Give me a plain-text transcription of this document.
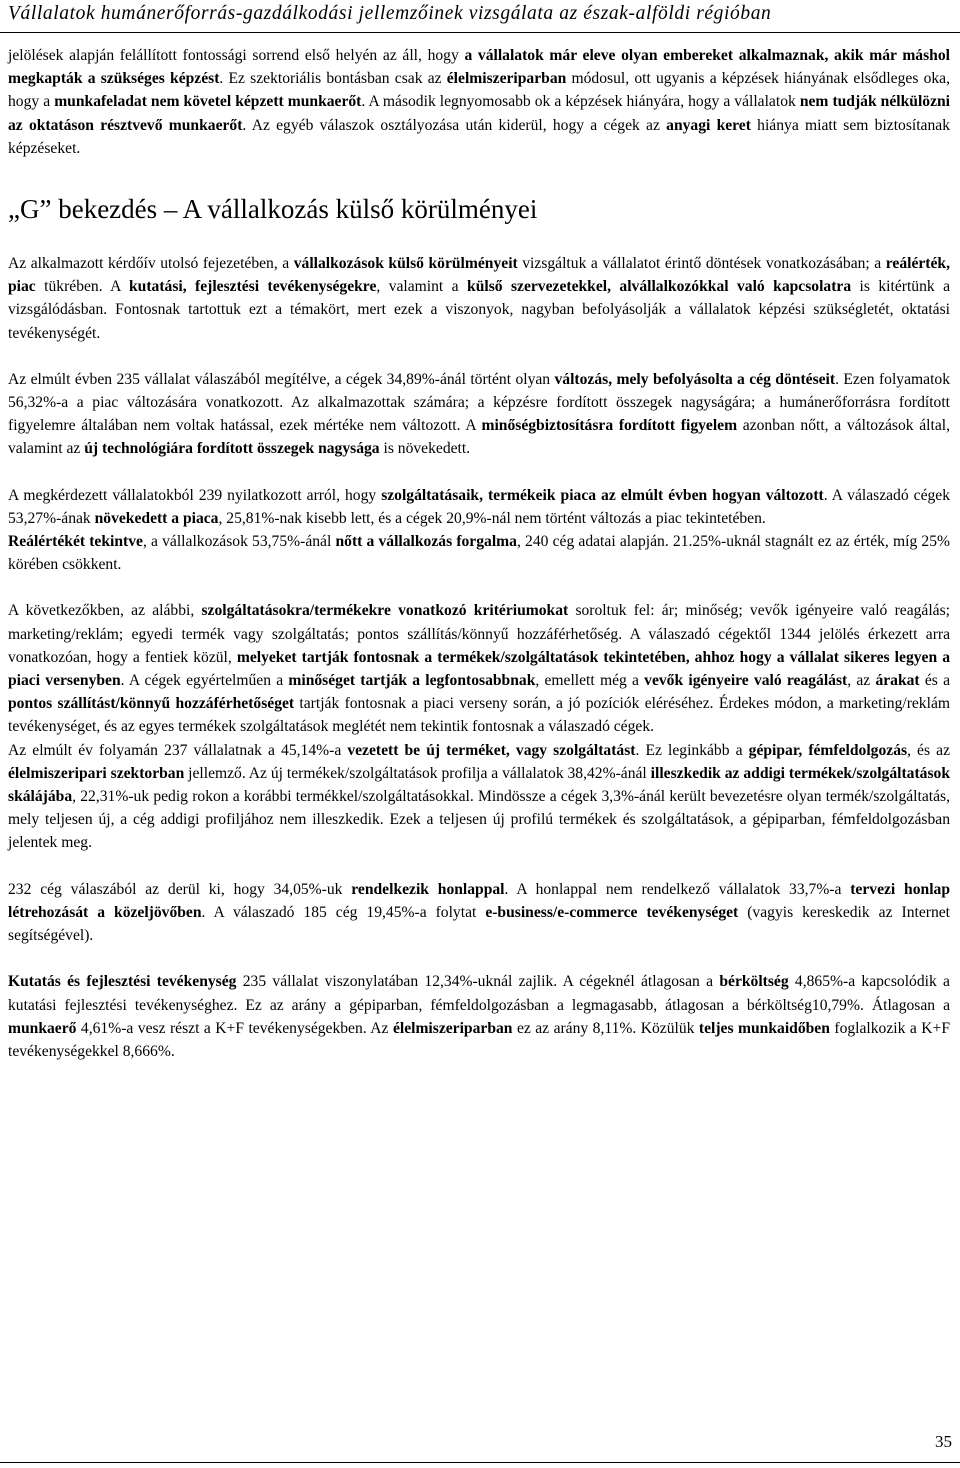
Vállalatok humánerőforrás-gazdálkodási jellemzőinek vizsgálata az észak-alföldi régióban

jelölések alapján felállított fontossági sorrend első helyén az áll, hogy a vállalatok már eleve olyan embereket alkalmaznak, akik már máshol megkapták a szükséges képzést. Ez szektoriális bontásban csak az élelmiszeriparban módosul, ott ugyanis a képzések hiányának elsődleges oka, hogy a munkafeladat nem követel képzett munkaerőt. A második legnyomosabb ok a képzések hiányára, hogy a vállalatok nem tudják nélkülözni az oktatáson résztvevő munkaerőt. Az egyéb válaszok osztályozása után kiderül, hogy a cégek az anyagi keret hiánya miatt sem biztosítanak képzéseket.

„G” bekezdés – A vállalkozás külső körülményei

Az alkalmazott kérdőív utolsó fejezetében, a vállalkozások külső körülményeit vizsgáltuk a vállalatot érintő döntések vonatkozásában; a reálérték, piac tükrében. A kutatási, fejlesztési tevékenységekre, valamint a külső szervezetekkel, alvállalkozókkal való kapcsolatra is kitértünk a vizsgálódásban. Fontosnak tartottuk ezt a témakört, mert ezek a viszonyok, nagyban befolyásolják a vállalatok képzési szükségletét, oktatási tevékenységét.

Az elmúlt évben 235 vállalat válaszából megítélve, a cégek 34,89%-ánál történt olyan változás, mely befolyásolta a cég döntéseit. Ezen folyamatok 56,32%-a a piac változására vonatkozott. Az alkalmazottak számára; a képzésre fordított összegek nagyságára; a humánerőforrásra fordított figyelemre általában nem voltak hatással, ezek mértéke nem változott. A minőségbiztosításra fordított figyelem azonban nőtt, a változások által, valamint az új technológiára fordított összegek nagysága is növekedett.

A megkérdezett vállalatokból 239 nyilatkozott arról, hogy szolgáltatásaik, termékeik piaca az elmúlt évben hogyan változott. A válaszadó cégek 53,27%-ának növekedett a piaca, 25,81%-nak kisebb lett, és a cégek 20,9%-nál nem történt változás a piac tekintetében.

Reálértékét tekintve, a vállalkozások 53,75%-ánál nőtt a vállalkozás forgalma, 240 cég adatai alapján. 21.25%-uknál stagnált ez az érték, míg 25% körében csökkent.

A következőkben, az alábbi, szolgáltatásokra/termékekre vonatkozó kritériumokat soroltuk fel: ár; minőség; vevők igényeire való reagálás; marketing/reklám; egyedi termék vagy szolgáltatás; pontos szállítás/könnyű hozzáférhetőség. A válaszadó cégektől 1344 jelölés érkezett arra vonatkozóan, hogy a fentiek közül, melyeket tartják fontosnak a termékek/szolgáltatások tekintetében, ahhoz hogy a vállalat sikeres legyen a piaci versenyben. A cégek egyértelműen a minőséget tartják a legfontosabbnak, emellett még a vevők igényeire való reagálást, az árakat és a pontos szállítást/könnyű hozzáférhetőséget tartják fontosnak a piaci verseny során, a jó pozíciók eléréséhez. Érdekes módon, a marketing/reklám tevékenységet, és az egyes termékek szolgáltatások meglétét nem tekintik fontosnak a válaszadó cégek.

Az elmúlt év folyamán 237 vállalatnak a 45,14%-a vezetett be új terméket, vagy szolgáltatást. Ez leginkább a gépipar, fémfeldolgozás, és az élelmiszeripari szektorban jellemző. Az új termékek/szolgáltatások profilja a vállalatok 38,42%-ánál illeszkedik az addigi termékek/szolgáltatások skálájába, 22,31%-uk pedig rokon a korábbi termékkel/szolgáltatásokkal. Mindössze a cégek 3,3%-ánál került bevezetésre olyan termék/szolgáltatás, mely teljesen új, a cég addigi profiljához nem illeszkedik. Ezek a teljesen új profilú termékek és szolgáltatások, a gépiparban, fémfeldolgozásban jelentek meg.

232 cég válaszából az derül ki, hogy 34,05%-uk rendelkezik honlappal. A honlappal nem rendelkező vállalatok 33,7%-a tervezi honlap létrehozását a közeljövőben. A válaszadó 185 cég 19,45%-a folytat e-business/e-commerce tevékenységet (vagyis kereskedik az Internet segítségével).

Kutatás és fejlesztési tevékenység 235 vállalat viszonylatában 12,34%-uknál zajlik. A cégeknél átlagosan a bérköltség 4,865%-a kapcsolódik a kutatási fejlesztési tevékenységhez. Ez az arány a gépiparban, fémfeldolgozásban a legmagasabb, átlagosan a bérköltség10,79%. Átlagosan a munkaerő 4,61%-a vesz részt a K+F tevékenységekben. Az élelmiszeriparban ez az arány 8,11%. Közülük teljes munkaidőben foglalkozik a K+F tevékenységekkel 8,666%.

35
